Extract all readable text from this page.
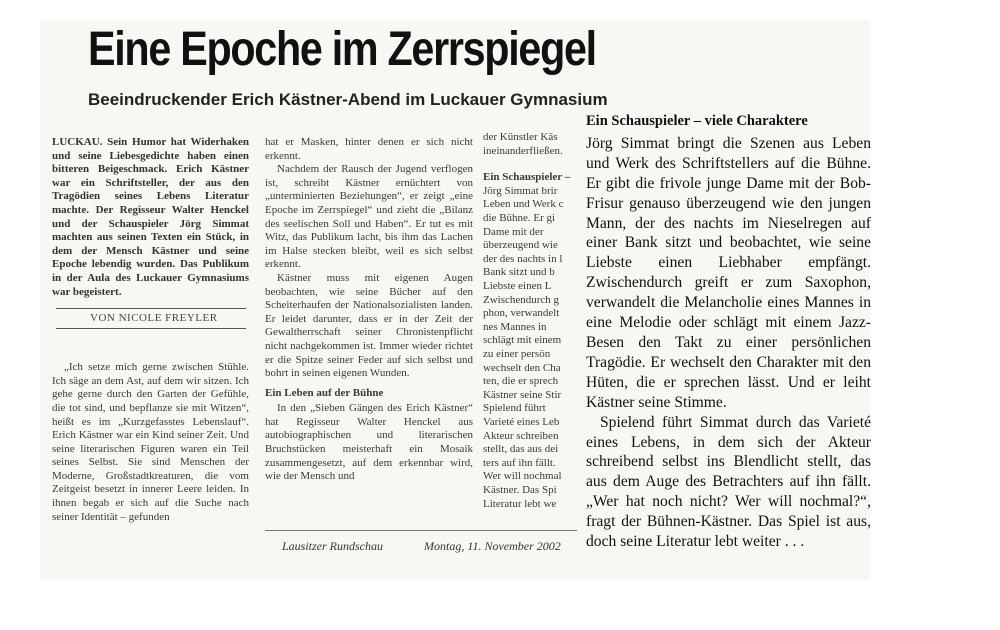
Eine Epoche im Zerrspiegel
Beeindruckender Erich Kästner-Abend im Luckauer Gymnasium

LUCKAU. Sein Humor hat Widerhaken und seine Liebesgedichte haben einen bitteren Beigeschmack. Erich Kästner war ein Schriftsteller, der aus den Tragödien seines Lebens Literatur machte. Der Regisseur Walter Henckel und der Schauspieler Jörg Simmat machten aus seinen Texten ein Stück, in dem der Mensch Kästner und seine Epoche lebendig wurden. Das Publikum in der Aula des Luckauer Gymnasiums war begeistert.

„Ich setze mich gerne zwischen Stühle. Ich säge an dem Ast, auf dem wir sitzen. Ich gehe gerne durch den Garten der Gefühle, die tot sind, und bepflanze sie mit Witzen“, heißt es im „Kurzgefasstes Lebenslauf“. Erich Kästner war ein Kind seiner Zeit. Und seine literarischen Figuren waren ein Teil seines Selbst. Sie sind Menschen der Moderne, Großstadtkreaturen, die vom Zeitgeist besetzt in innerer Leere leiden. In ihnen begab er sich auf die Suche nach seiner Identität – gefunden

VON NICOLE FREYLER

hat er Masken, hinter denen er sich nicht erkennt.

Nachdem der Rausch der Jugend verflogen ist, schreibt Kästner ernüchtert von „unterminierten Beziehungen“, er zeigt „eine Epoche im Zerrspiegel“ und zieht die „Bilanz des seelischen Soll und Haben“. Er tut es mit Witz, das Publikum lacht, bis ihm das Lachen im Halse stecken bleibt, weil es sich selbst erkennt.

Kästner muss mit eigenen Augen beobachten, wie seine Bücher auf den Scheiterhaufen der Nationalsozialisten landen. Er leidet darunter, dass er in der Zeit der Gewaltherrschaft seiner Chronistenpflicht nicht nachgekommen ist. Immer wieder richtet er die Spitze seiner Feder auf sich selbst und bohrt in seinen eigenen Wunden.

Ein Leben auf der Bühne

In den „Sieben Gängen des Erich Kästner“ hat Regisseur Walter Henckel aus autobiographischen und literarischen Bruchstücken meisterhaft ein Mosaik zusammengesetzt, auf dem erkennbar wird, wie der Mensch und

der Künstler Käs
ineinanderfließen.
Ein Schauspieler –
Jörg Simmat brir
Leben und Werk c
die Bühne. Er gi
Dame mit der
überzeugend wie
der des nachts in l
Bank sitzt und b
Liebste einen L
Zwischendurch g
phon, verwandelt
nes Mannes in
schlägt mit einem
zu einer persön
wechselt den Cha
ten, die er sprech
Kästner seine Stir
Spielend führt
Varieté eines Leb
Akteur schreiben
stellt, das aus dei
ters auf ihn fällt.
Wer will nochmal
Kästner. Das Spi
Literatur lebt we
Lausitzer Rundschau	Montag, 11. November 2002

Ein Schauspieler – viele Charaktere

Jörg Simmat bringt die Szenen aus Leben und Werk des Schriftstellers auf die Bühne. Er gibt die frivole junge Dame mit der Bob-Frisur genauso überzeugend wie den jungen Mann, der des nachts im Nieselregen auf einer Bank sitzt und beobachtet, wie seine Liebste einen Liebhaber empfängt. Zwischendurch greift er zum Saxophon, verwandelt die Melancholie eines Mannes in eine Melodie oder schlägt mit einem Jazz-Besen den Takt zu einer persönlichen Tragödie. Er wechselt den Charakter mit den Hüten, die er sprechen lässt. Und er leiht Kästner seine Stimme.

Spielend führt Simmat durch das Varieté eines Lebens, in dem sich der Akteur schreibend selbst ins Blendlicht stellt, das aus dem Auge des Betrachters auf ihn fällt. „Wer hat noch nicht? Wer will nochmal?“, fragt der Bühnen-Kästner. Das Spiel ist aus, doch seine Literatur lebt weiter . . .
